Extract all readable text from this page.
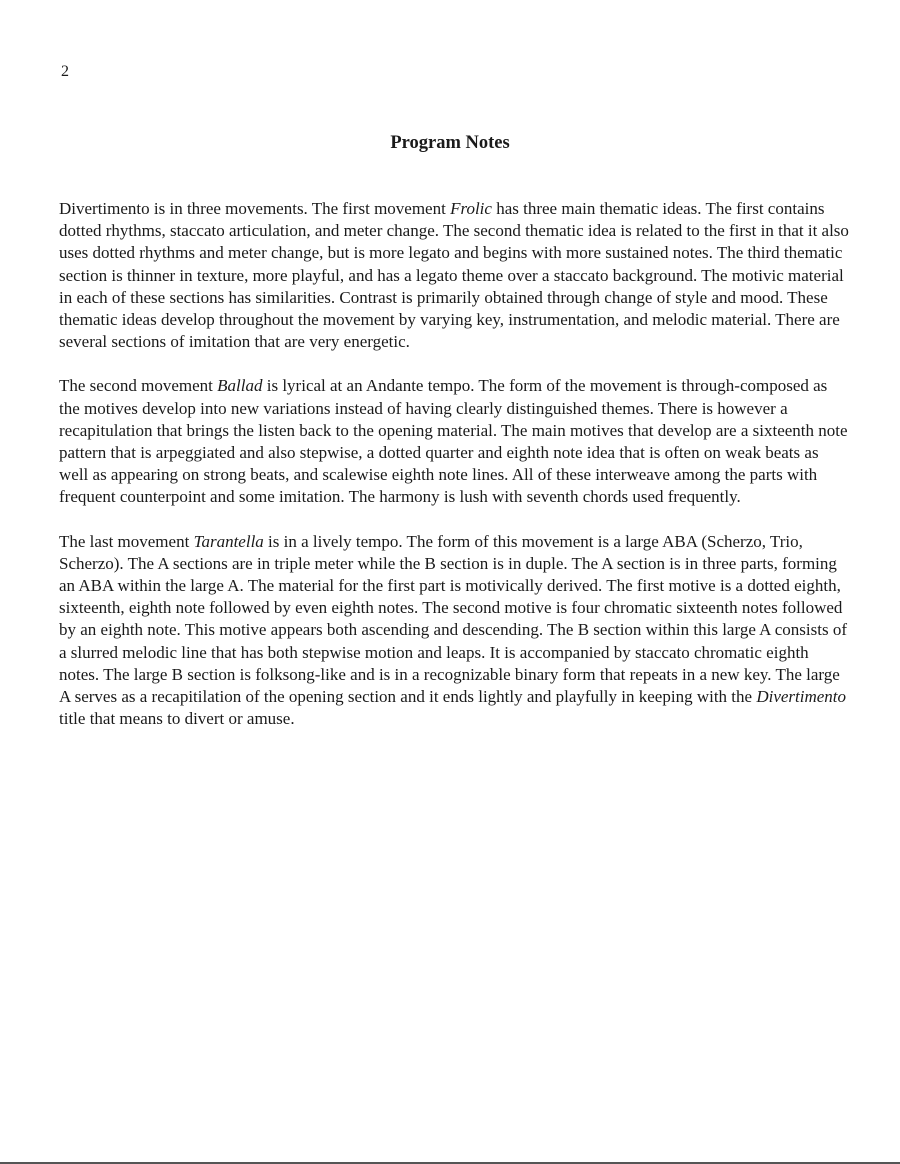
2
Program Notes

Divertimento is in three movements. The first movement Frolic has three main thematic ideas. The first contains dotted rhythms, staccato articulation, and meter change. The second thematic idea is related to the first in that it also uses dotted rhythms and meter change, but is more legato and begins with more sustained notes. The third thematic section is thinner in texture, more playful, and has a legato theme over a staccato background. The motivic material in each of these sections has similarities. Contrast is primarily obtained through change of style and mood. These thematic ideas develop throughout the movement by varying key, instrumentation, and melodic material. There are several sections of imitation that are very energetic.

The second movement Ballad is lyrical at an Andante tempo. The form of the movement is through-composed as the motives develop into new variations instead of having clearly distinguished themes. There is however a recapitulation that brings the listen back to the opening material. The main motives that develop are a sixteenth note pattern that is arpeggiated and also stepwise, a dotted quarter and eighth note idea that is often on weak beats as well as appearing on strong beats, and scalewise eighth note lines. All of these interweave among the parts with frequent counterpoint and some imitation. The harmony is lush with seventh chords used frequently.

The last movement Tarantella is in a lively tempo. The form of this movement is a large ABA (Scherzo, Trio, Scherzo). The A sections are in triple meter while the B section is in duple. The A section is in three parts, forming an ABA within the large A. The material for the first part is motivically derived. The first motive is a dotted eighth, sixteenth, eighth note followed by even eighth notes. The second motive is four chromatic sixteenth notes followed by an eighth note. This motive appears both ascending and descending. The B section within this large A consists of a slurred melodic line that has both stepwise motion and leaps. It is accompanied by staccato chromatic eighth notes. The large B section is folksong-like and is in a recognizable binary form that repeats in a new key. The large A serves as a recapitilation of the opening section and it ends lightly and playfully in keeping with the Divertimento title that means to divert or amuse.
